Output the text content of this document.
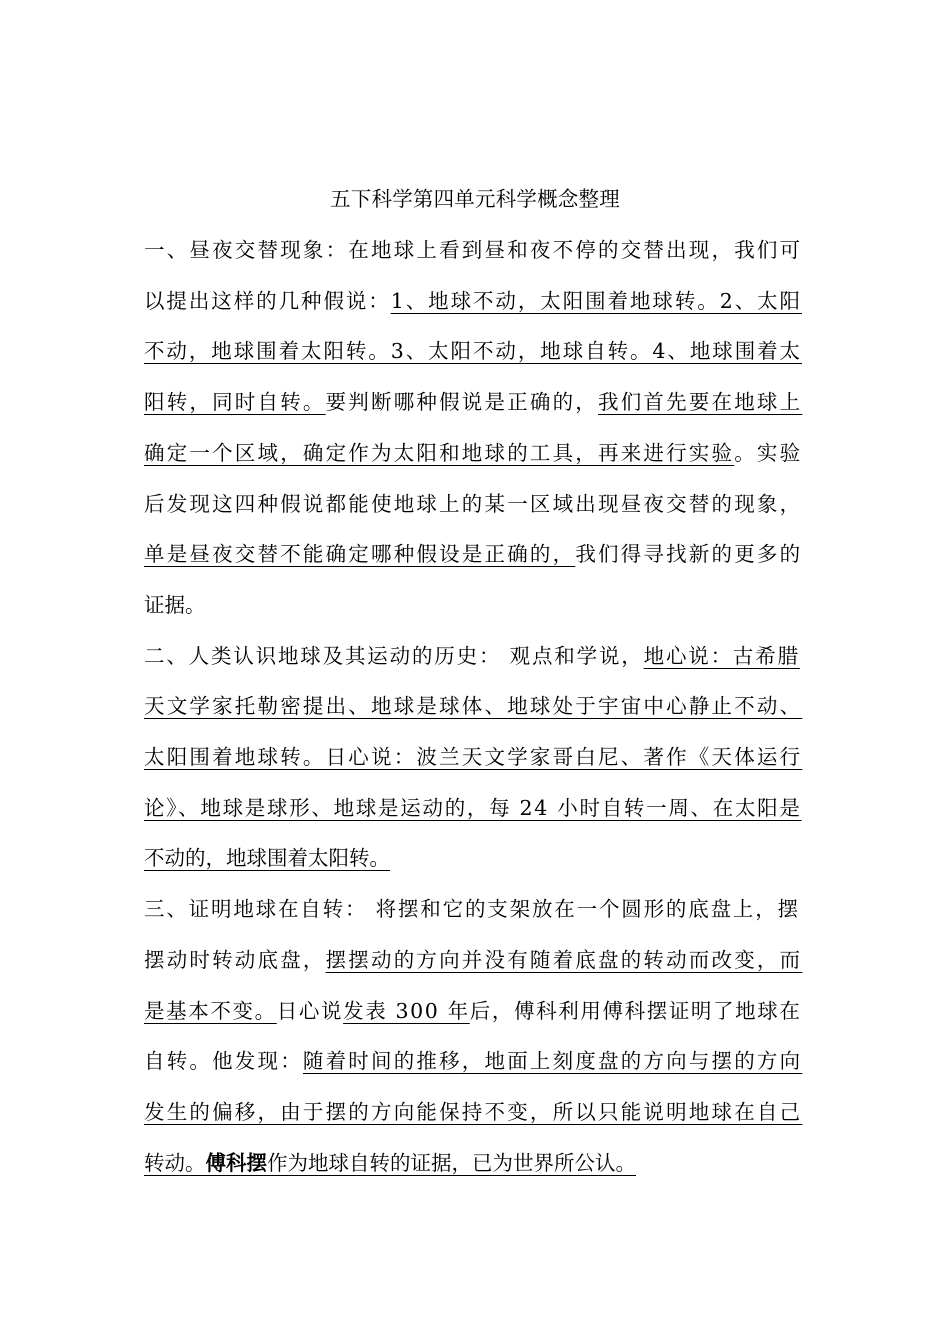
五下科学第四单元科学概念整理
一、昼夜交替现象：在地球上看到昼和夜不停的交替出现，我们可
以提出这样的几种假说：1、地球不动，太阳围着地球转。2、太阳
不动，地球围着太阳转。3、太阳不动，地球自转。4、地球围着太
阳转，同时自转。要判断哪种假说是正确的，我们首先要在地球上
确定一个区域，确定作为太阳和地球的工具，再来进行实验。实验
后发现这四种假说都能使地球上的某一区域出现昼夜交替的现象，
单是昼夜交替不能确定哪种假设是正确的，我们得寻找新的更多的
证据。
二、人类认识地球及其运动的历史： 观点和学说，地心说：古希腊
天文学家托勒密提出、地球是球体、地球处于宇宙中心静止不动、
太阳围着地球转。日心说：波兰天文学家哥白尼、著作《天体运行
论》、地球是球形、地球是运动的，每 24 小时自转一周、在太阳是
不动的，地球围着太阳转。
三、证明地球在自转： 将摆和它的支架放在一个圆形的底盘上，摆
摆动时转动底盘，摆摆动的方向并没有随着底盘的转动而改变，而
是基本不变。日心说发表 300 年后，傅科利用傅科摆证明了地球在
自转。他发现：随着时间的推移，地面上刻度盘的方向与摆的方向
发生的偏移，由于摆的方向能保持不变，所以只能说明地球在自己
转动。傅科摆作为地球自转的证据，已为世界所公认。
